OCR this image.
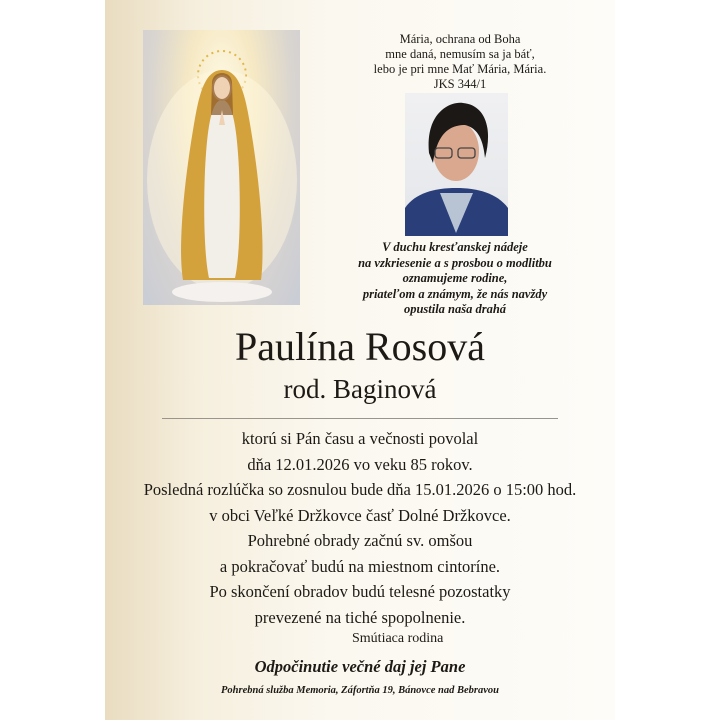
Mária, ochrana od Boha
mne daná, nemusím sa ja báť,
lebo je pri mne Mať Mária, Mária.
JKS 344/1
V duchu kresťanskej nádeje
na vzkriesenie a s prosbou o modlitbu
oznamujeme rodine,
priateľom a známym, že nás navždy
opustila naša drahá
Paulína Rosová
rod. Baginová
ktorú si Pán času a večnosti povolal
dňa 12.01.2026 vo veku 85 rokov.
Posledná rozlúčka so zosnulou bude dňa 15.01.2026 o 15:00 hod.
v obci Veľké Držkovce časť Dolné Držkovce.
Pohrebné obrady začnú sv. omšou
a pokračovať budú na miestnom cintoríne.
Po skončení obradov budú telesné pozostatky
prevezené na tiché spopolnenie.
Smútiaca rodina
Odpočinutie večné daj jej Pane
Pohrebná služba Memoria, Záfortňa 19, Bánovce nad Bebravou
